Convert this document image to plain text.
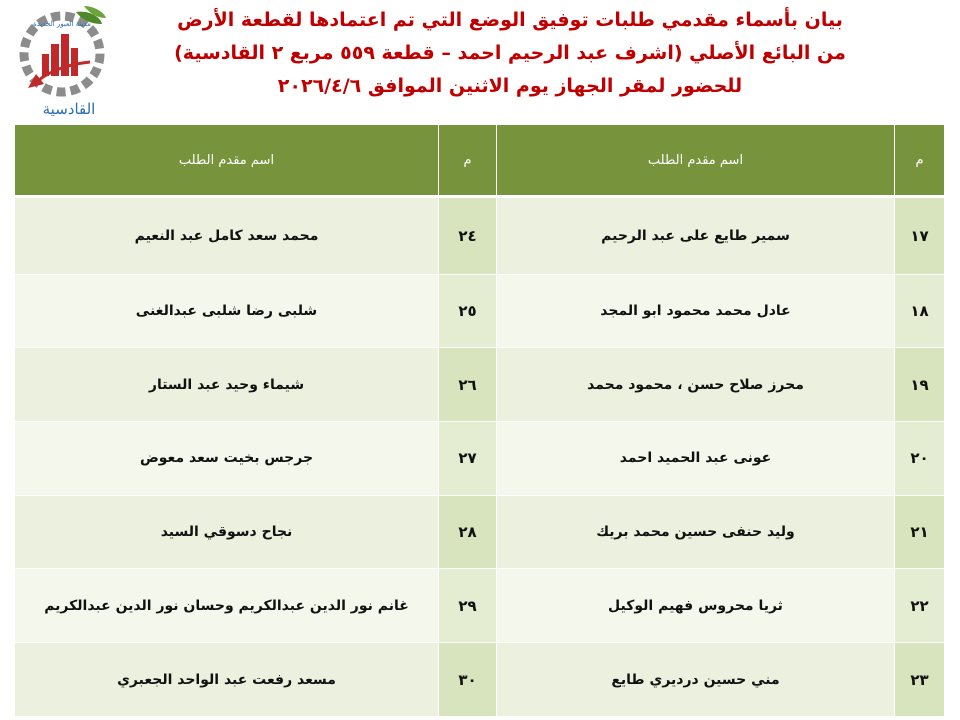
مدينة العبور الجديدة
القادسية
بيان بأسماء مقدمي طلبات توفيق الوضع التي تم اعتمادها لقطعة الأرض
من البائع الأصلي (اشرف عبد الرحيم احمد – قطعة ٥٥٩ مربع ٢ القادسية)
للحضور لمقر الجهاز يوم الاثنين الموافق ٢٠٢٦/٤/٦
م	اسم مقدم الطلب	م	اسم مقدم الطلب
١٧	سمير طايع على عبد الرحيم	٢٤	محمد سعد كامل عبد النعيم
١٨	عادل محمد محمود ابو المجد	٢٥	شلبى رضا شلبى عبدالغنى
١٩	محرز صلاح حسن ، محمود محمد	٢٦	شيماء وحيد عبد الستار
٢٠	عونى عبد الحميد احمد	٢٧	جرجس بخيت سعد معوض
٢١	وليد حنفى حسين محمد بريك	٢٨	نجاح دسوقي السيد
٢٢	ثريا محروس فهيم الوكيل	٢٩	غانم نور الدين عبدالكريم وحسان نور الدين عبدالكريم
٢٣	مني حسين درديري طايع	٣٠	مسعد رفعت عبد الواحد الجعبري
